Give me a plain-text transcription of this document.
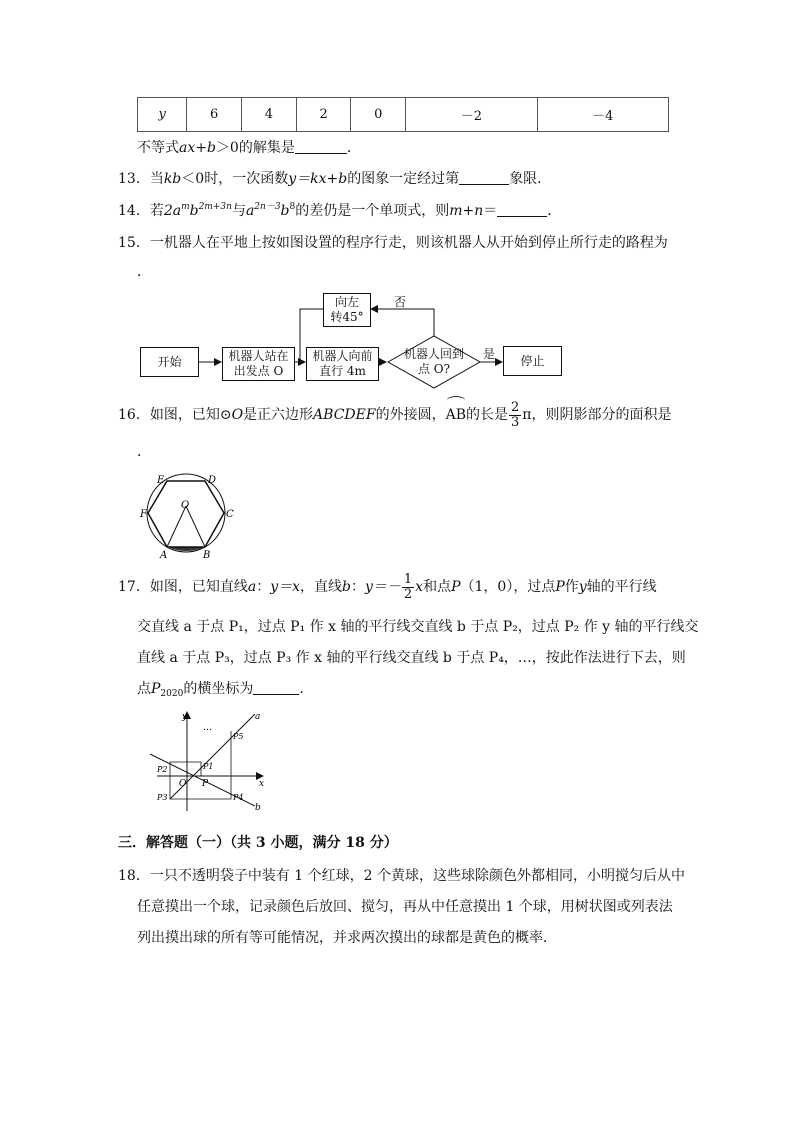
y	6	4	2	0	－2	－4
不等式ax+b＞0的解集是	．
13．当kb＜0时，一次函数y＝kx+b的图象一定经过第	象限．
14．若$2a^mb^{2m+3n}$与$a^{2n-3}b^8$的差仍是一个单项式，则m+n＝	．
15．一机器人在平地上按如图设置的程序行走，则该机器人从开始到停止所行走的路程为
．
开始	机器人站在
出发点 O
机器人向前
直行 4m
机器人回到
点 O?
停止
向左
转45°
是
否
16．如图，已知⊙O是正六边形ABCDEF的外接圆，AB的长是 $\frac{2}{3}$ π，则阴影部分的面积是
．
E	D
F	C
A	B
O
17．如图，已知直线a：y＝x，直线b：$y=- \frac{1}{2}$ x和点P（1，0），过点P作y轴的平行线
交直线 a 于点 P₁，过点 P₁ 作 x 轴的平行线交直线 b 于点 P₂，过点 P₂ 作 y 轴的平行线交
直线 a 于点 P₃，过点 P₃ 作 x 轴的平行线交直线 b 于点 P₄，…，按此作法进行下去，则
点$P_{2020}$的横坐标为	．
y	a
x
b
O P
P1
P2
P3	P4
P5
…
三．解答题（一）（共 3 小题，满分 18 分）
18．一只不透明袋子中装有 1 个红球，2 个黄球，这些球除颜色外都相同，小明搅匀后从中
任意摸出一个球，记录颜色后放回、搅匀，再从中任意摸出 1 个球，用树状图或列表法
列出摸出球的所有等可能情况，并求两次摸出的球都是黄色的概率．
